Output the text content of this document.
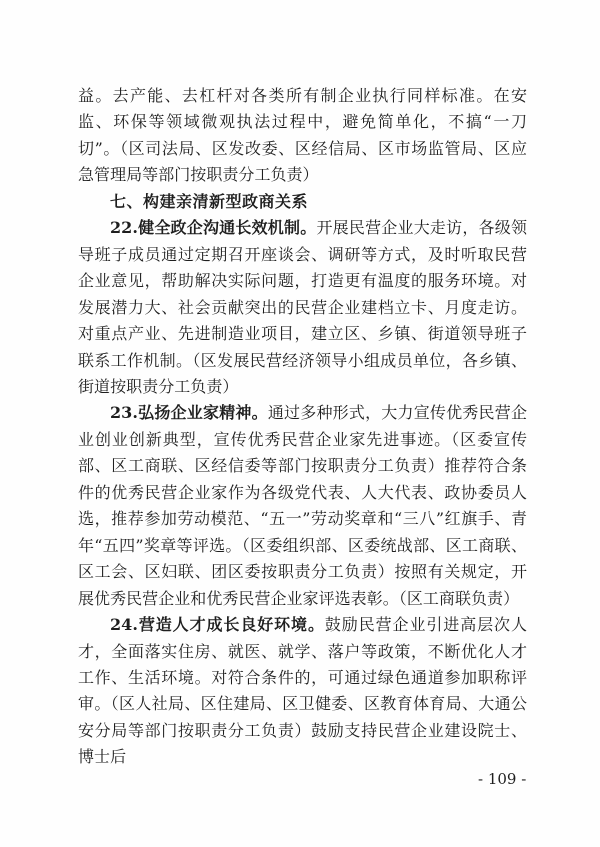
益。去产能、去杠杆对各类所有制企业执行同样标准。在安监、环保等领域微观执法过程中，避免简单化，不搞“一刀切”。（区司法局、区发改委、区经信局、区市场监管局、区应急管理局等部门按职责分工负责）

七、构建亲清新型政商关系

22.健全政企沟通长效机制。开展民营企业大走访，各级领导班子成员通过定期召开座谈会、调研等方式，及时听取民营企业意见，帮助解决实际问题，打造更有温度的服务环境。对发展潜力大、社会贡献突出的民营企业建档立卡、月度走访。对重点产业、先进制造业项目，建立区、乡镇、街道领导班子联系工作机制。（区发展民营经济领导小组成员单位，各乡镇、街道按职责分工负责）

23.弘扬企业家精神。通过多种形式，大力宣传优秀民营企业创业创新典型，宣传优秀民营企业家先进事迹。（区委宣传部、区工商联、区经信委等部门按职责分工负责）推荐符合条件的优秀民营企业家作为各级党代表、人大代表、政协委员人选，推荐参加劳动模范、“五一”劳动奖章和“三八”红旗手、青年“五四”奖章等评选。（区委组织部、区委统战部、区工商联、区工会、区妇联、团区委按职责分工负责）按照有关规定，开展优秀民营企业和优秀民营企业家评选表彰。（区工商联负责）

24.营造人才成长良好环境。鼓励民营企业引进高层次人才，全面落实住房、就医、就学、落户等政策，不断优化人才工作、生活环境。对符合条件的，可通过绿色通道参加职称评审。（区人社局、区住建局、区卫健委、区教育体育局、大通公安分局等部门按职责分工负责）鼓励支持民营企业建设院士、博士后

- 109 -
